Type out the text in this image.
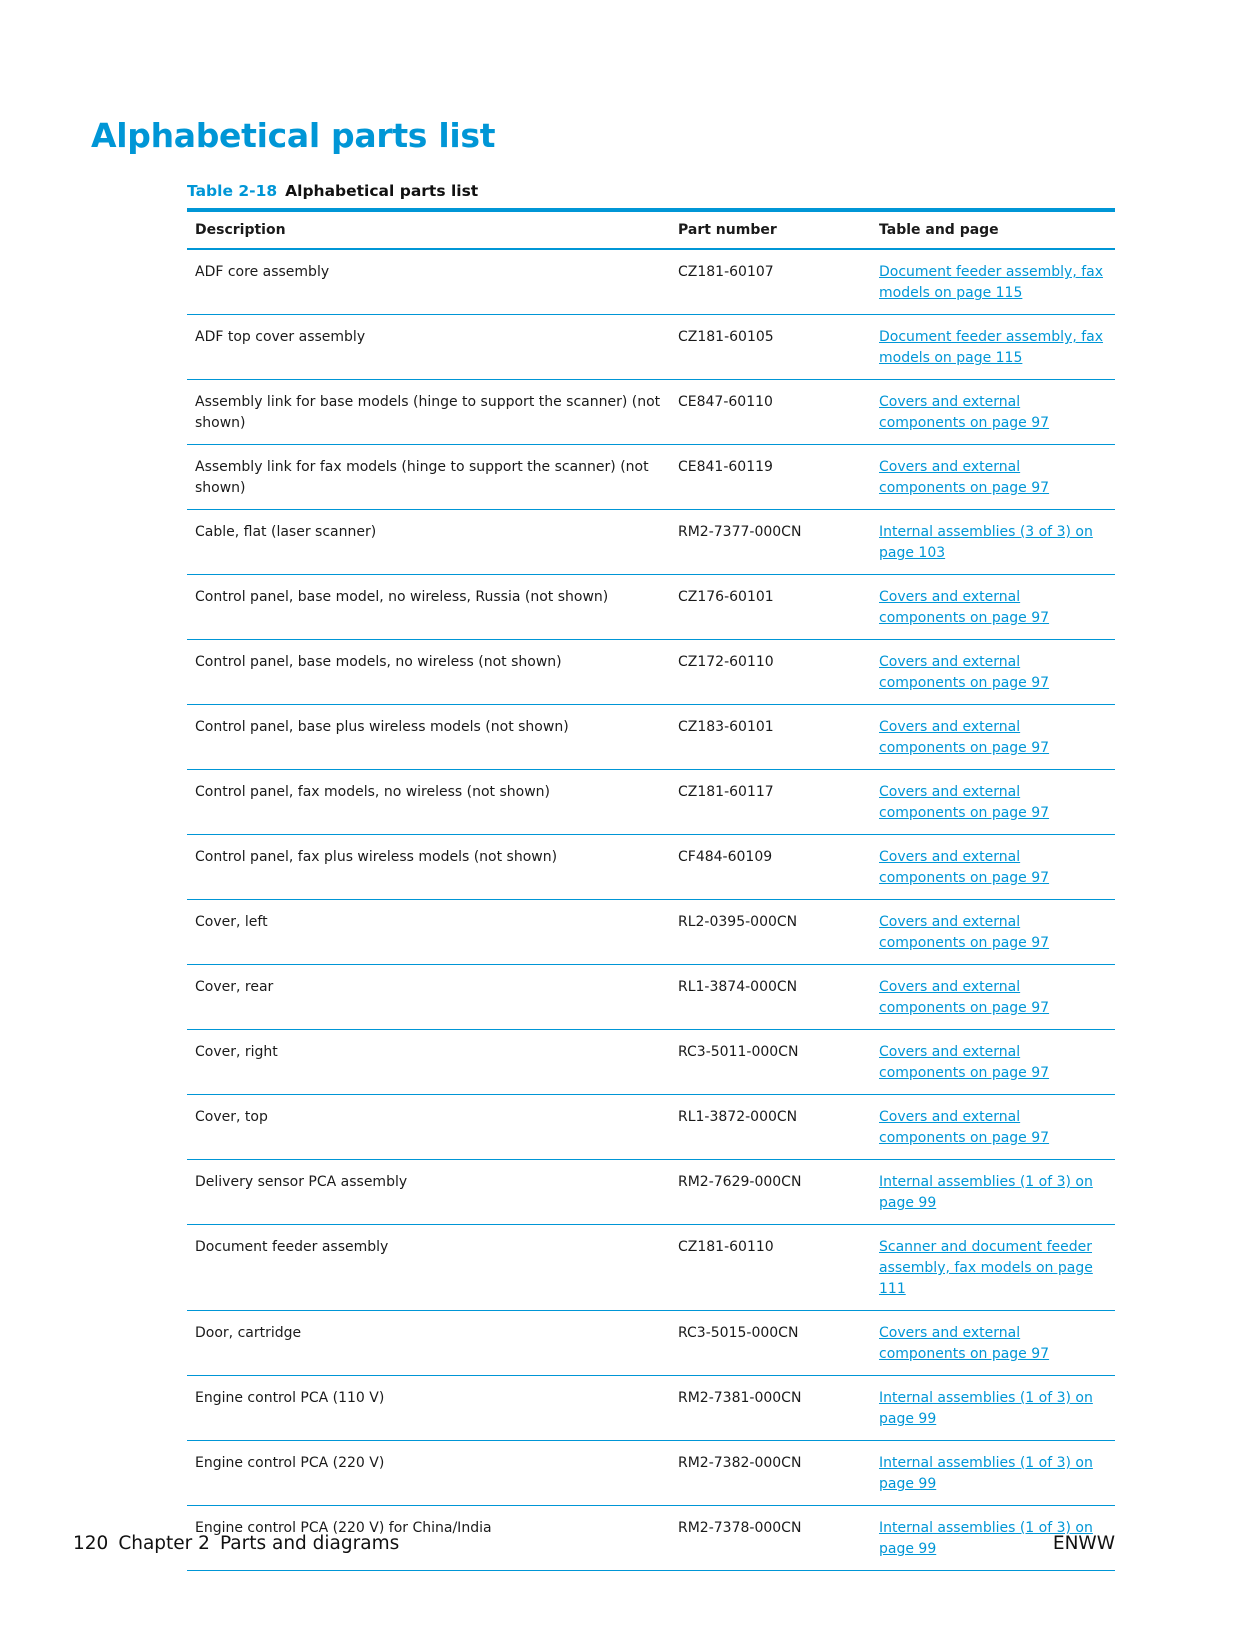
Alphabetical parts list
Table 2-18 Alphabetical parts list
Description	Part number	Table and page
ADF core assembly	CZ181-60107	Document feeder assembly, fax models on page 115
ADF top cover assembly	CZ181-60105	Document feeder assembly, fax models on page 115
Assembly link for base models (hinge to support the scanner) (not shown)	CE847-60110	Covers and external components on page 97
Assembly link for fax models (hinge to support the scanner) (not shown)	CE841-60119	Covers and external components on page 97
Cable, flat (laser scanner)	RM2-7377-000CN	Internal assemblies (3 of 3) on page 103
Control panel, base model, no wireless, Russia (not shown)	CZ176-60101	Covers and external components on page 97
Control panel, base models, no wireless (not shown)	CZ172-60110	Covers and external components on page 97
Control panel, base plus wireless models (not shown)	CZ183-60101	Covers and external components on page 97
Control panel, fax models, no wireless (not shown)	CZ181-60117	Covers and external components on page 97
Control panel, fax plus wireless models (not shown)	CF484-60109	Covers and external components on page 97
Cover, left	RL2-0395-000CN	Covers and external components on page 97
Cover, rear	RL1-3874-000CN	Covers and external components on page 97
Cover, right	RC3-5011-000CN	Covers and external components on page 97
Cover, top	RL1-3872-000CN	Covers and external components on page 97
Delivery sensor PCA assembly	RM2-7629-000CN	Internal assemblies (1 of 3) on page 99
Document feeder assembly	CZ181-60110	Scanner and document feeder assembly, fax models on page 111
Door, cartridge	RC3-5015-000CN	Covers and external components on page 97
Engine control PCA (110 V)	RM2-7381-000CN	Internal assemblies (1 of 3) on page 99
Engine control PCA (220 V)	RM2-7382-000CN	Internal assemblies (1 of 3) on page 99
Engine control PCA (220 V) for China/India	RM2-7378-000CN	Internal assemblies (1 of 3) on page 99
120 Chapter 2 Parts and diagrams	ENWW
